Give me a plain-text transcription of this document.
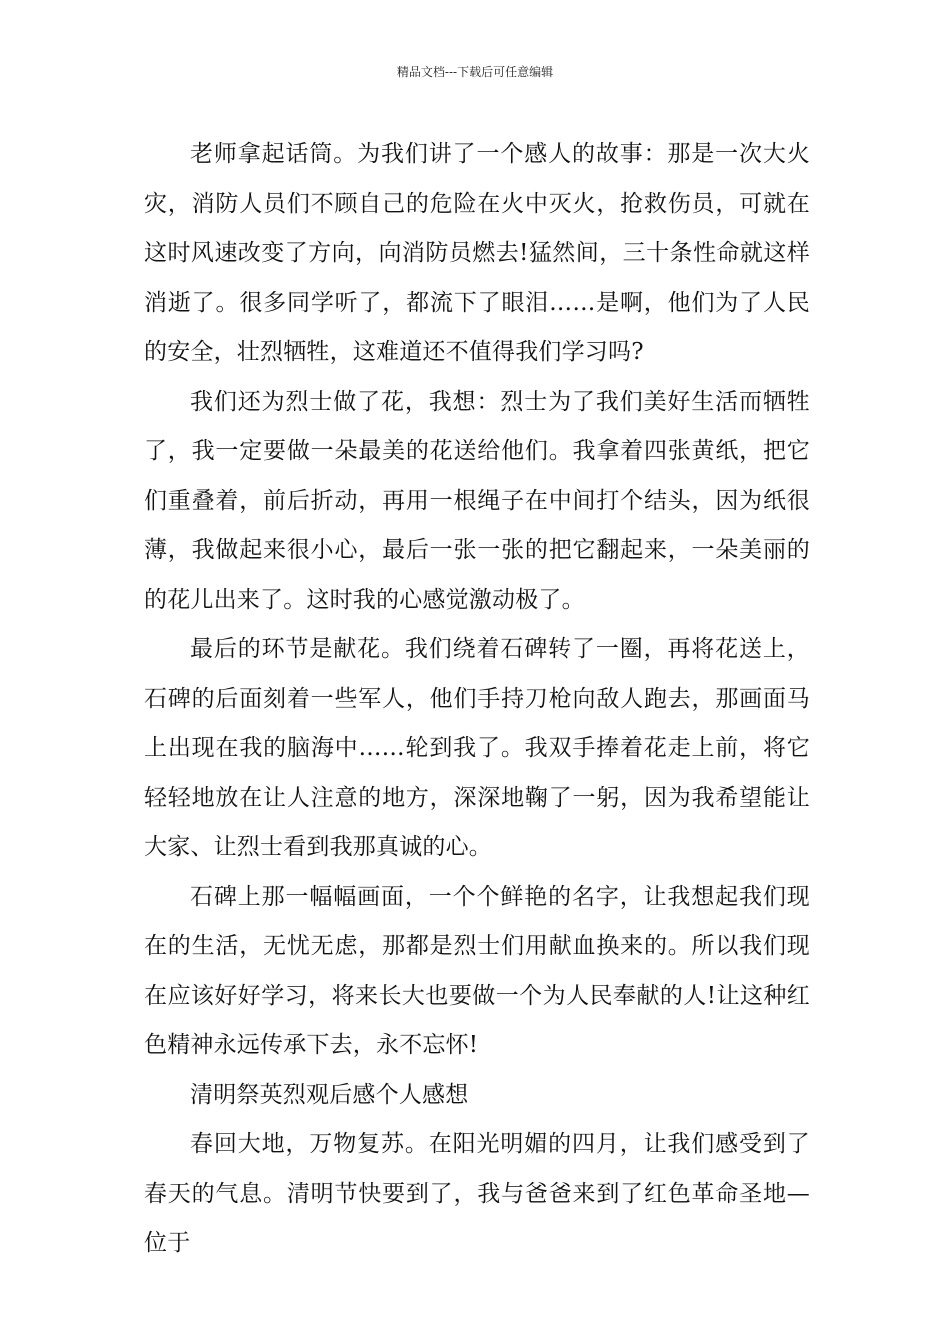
精品文档---下载后可任意编辑

老师拿起话筒。为我们讲了一个感人的故事：那是一次大火灾，消防人员们不顾自己的危险在火中灭火，抢救伤员，可就在这时风速改变了方向，向消防员燃去!猛然间，三十条性命就这样消逝了。很多同学听了，都流下了眼泪……是啊，他们为了人民的安全，壮烈牺牲，这难道还不值得我们学习吗?

我们还为烈士做了花，我想：烈士为了我们美好生活而牺牲了，我一定要做一朵最美的花送给他们。我拿着四张黄纸，把它们重叠着，前后折动，再用一根绳子在中间打个结头，因为纸很薄，我做起来很小心，最后一张一张的把它翻起来，一朵美丽的的花儿出来了。这时我的心感觉激动极了。

最后的环节是献花。我们绕着石碑转了一圈，再将花送上，石碑的后面刻着一些军人，他们手持刀枪向敌人跑去，那画面马上出现在我的脑海中……轮到我了。我双手捧着花走上前，将它轻轻地放在让人注意的地方，深深地鞠了一躬，因为我希望能让大家、让烈士看到我那真诚的心。

石碑上那一幅幅画面，一个个鲜艳的名字，让我想起我们现在的生活，无忧无虑，那都是烈士们用献血换来的。所以我们现在应该好好学习，将来长大也要做一个为人民奉献的人!让这种红色精神永远传承下去，永不忘怀!

清明祭英烈观后感个人感想

春回大地，万物复苏。在阳光明媚的四月，让我们感受到了春天的气息。清明节快要到了，我与爸爸来到了红色革命圣地—位于
